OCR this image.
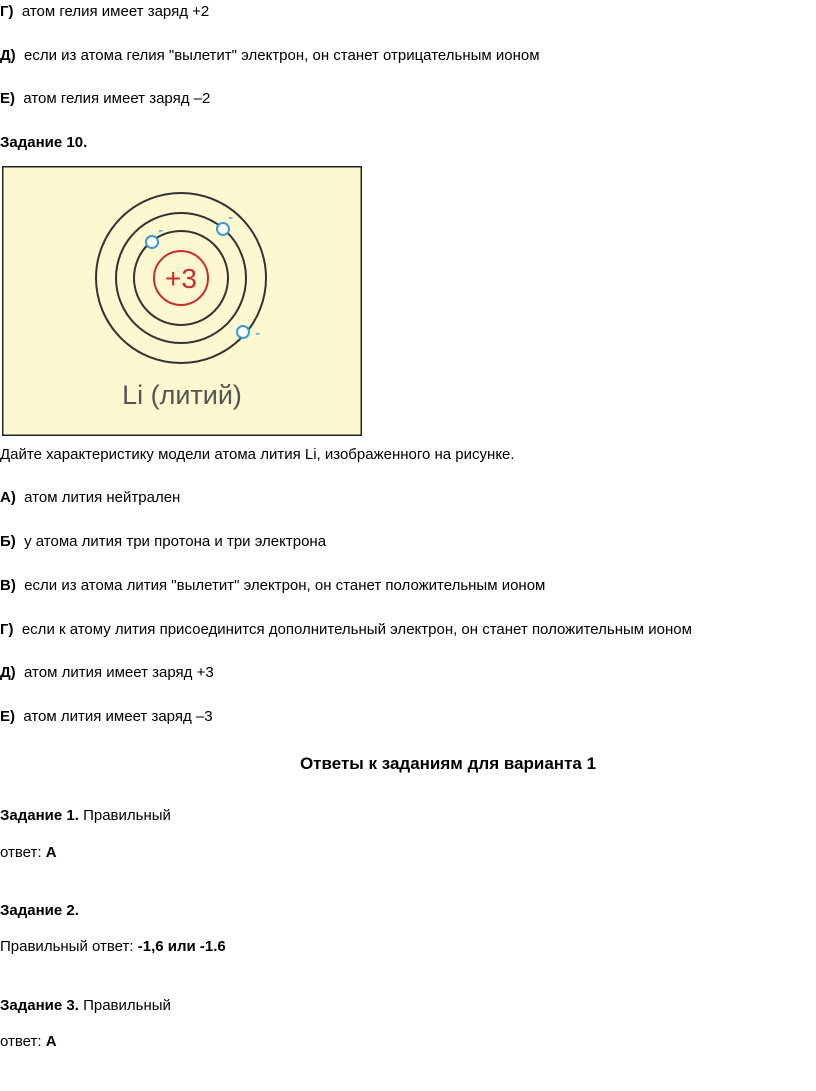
Г) атом гелия имеет заряд +2
Д) если из атома гелия "вылетит" электрон, он станет отрицательным ионом
Е) атом гелия имеет заряд –2
Задание 10.
+3
-
-
-
Li (литий)
Дайте характеристику модели атома лития Li, изображенного на рисунке.
А) атом лития нейтрален
Б) у атома лития три протона и три электрона
В) если из атома лития "вылетит" электрон, он станет положительным ионом
Г) если к атому лития присоединится дополнительный электрон, он станет положительным ионом
Д) атом лития имеет заряд +3
Е) атом лития имеет заряд –3
Ответы к заданиям для варианта 1
Задание 1. Правильный
ответ: А
Задание 2.
Правильный ответ: -1,6 или -1.6
Задание 3. Правильный
ответ: А
